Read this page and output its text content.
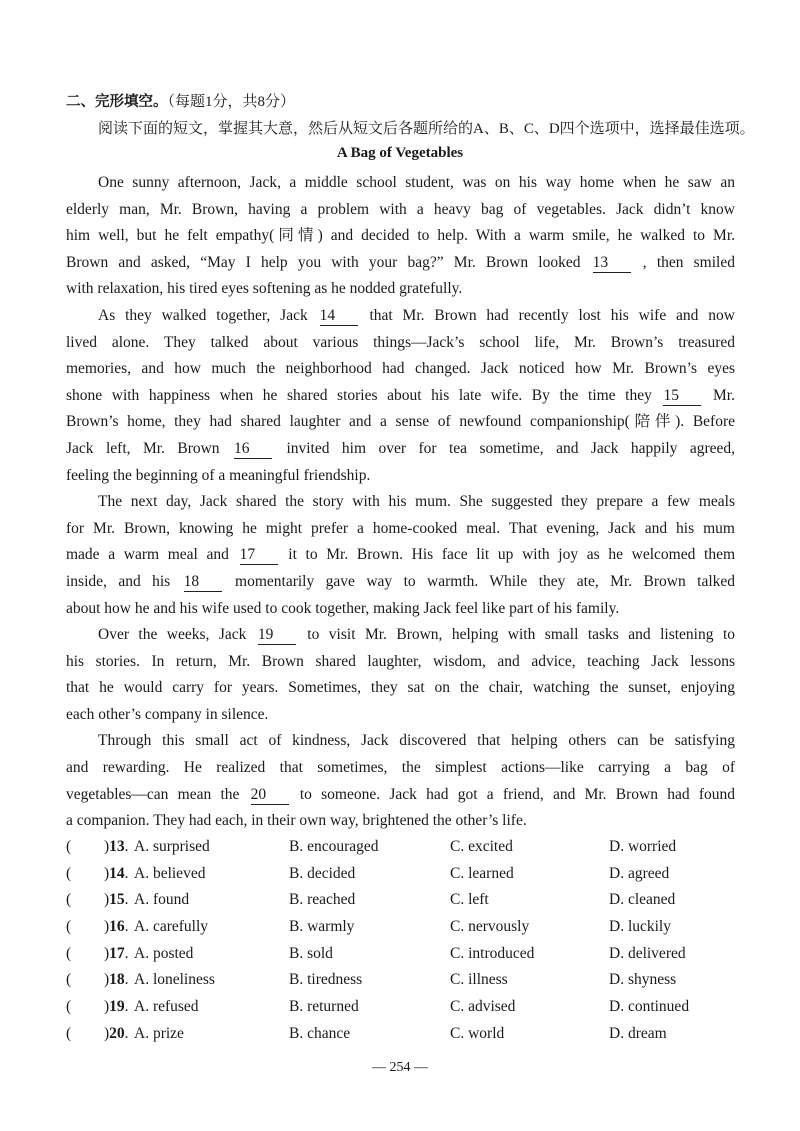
二、完形填空。（每题1分，共8分）
阅读下面的短文，掌握其大意，然后从短文后各题所给的A、B、C、D四个选项中，选择最佳选项。
A Bag of Vegetables
One sunny afternoon, Jack, a middle school student, was on his way home when he saw an
elderly man, Mr. Brown, having a problem with a heavy bag of vegetables. Jack didn’t know
him well, but he felt empathy(同情) and decided to help. With a warm smile, he walked to Mr.
Brown and asked, “May I help you with your bag?” Mr. Brown looked 13 , then smiled
with relaxation, his tired eyes softening as he nodded gratefully.
As they walked together, Jack 14 that Mr. Brown had recently lost his wife and now
lived alone. They talked about various things—Jack’s school life, Mr. Brown’s treasured
memories, and how much the neighborhood had changed. Jack noticed how Mr. Brown’s eyes
shone with happiness when he shared stories about his late wife. By the time they 15 Mr.
Brown’s home, they had shared laughter and a sense of newfound companionship(陪伴). Before
Jack left, Mr. Brown 16 invited him over for tea sometime, and Jack happily agreed,
feeling the beginning of a meaningful friendship.
The next day, Jack shared the story with his mum. She suggested they prepare a few meals
for Mr. Brown, knowing he might prefer a home-cooked meal. That evening, Jack and his mum
made a warm meal and 17 it to Mr. Brown. His face lit up with joy as he welcomed them
inside, and his 18 momentarily gave way to warmth. While they ate, Mr. Brown talked
about how he and his wife used to cook together, making Jack feel like part of his family.
Over the weeks, Jack 19 to visit Mr. Brown, helping with small tasks and listening to
his stories. In return, Mr. Brown shared laughter, wisdom, and advice, teaching Jack lessons
that he would carry for years. Sometimes, they sat on the chair, watching the sunset, enjoying
each other’s company in silence.
Through this small act of kindness, Jack discovered that helping others can be satisfying
and rewarding. He realized that sometimes, the simplest actions—like carrying a bag of
vegetables—can mean the 20 to someone. Jack had got a friend, and Mr. Brown had found
a companion. They had each, in their own way, brightened the other’s life.
( )13. A. surprised	B. encouraged	C. excited	D. worried
( )14. A. believed	B. decided	C. learned	D. agreed
( )15. A. found	B. reached	C. left	D. cleaned
( )16. A. carefully	B. warmly	C. nervously	D. luckily
( )17. A. posted	B. sold	C. introduced	D. delivered
( )18. A. loneliness	B. tiredness	C. illness	D. shyness
( )19. A. refused	B. returned	C. advised	D. continued
( )20. A. prize	B. chance	C. world	D. dream
— 254 —
